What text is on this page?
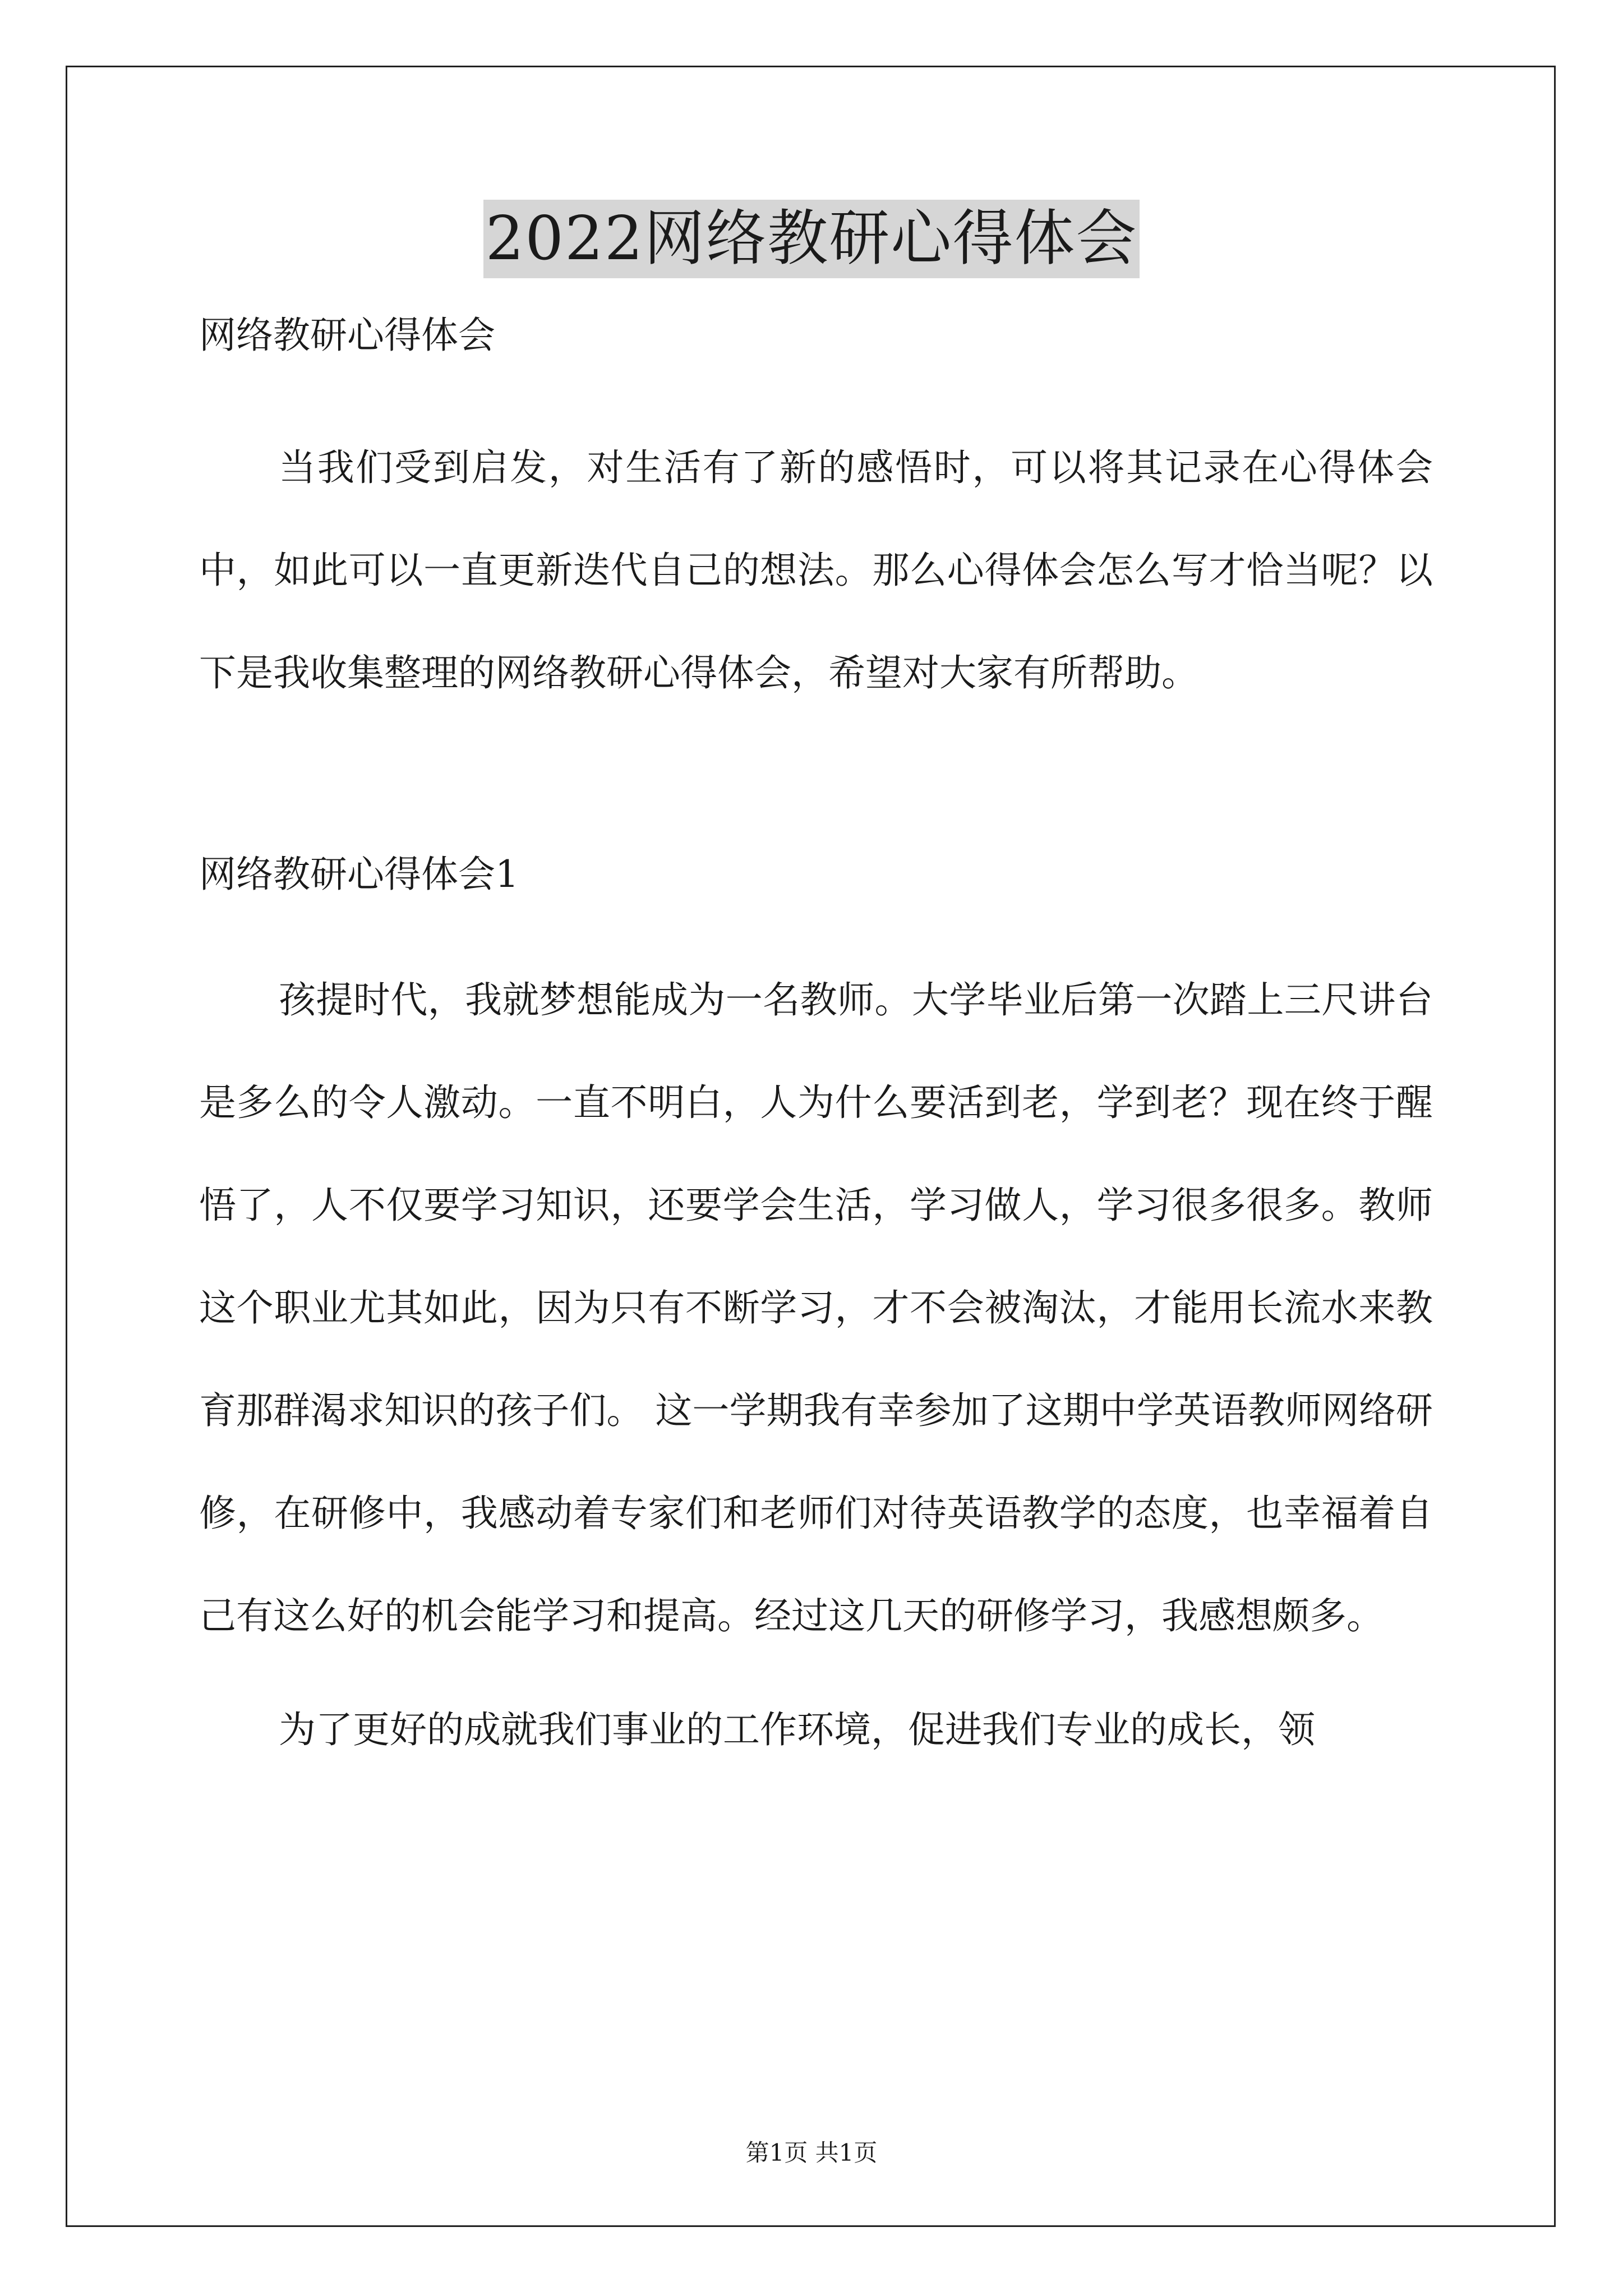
2022网络教研心得体会

网络教研心得体会

当我们受到启发，对生活有了新的感悟时，可以将其记录在心得体会中，如此可以一直更新迭代自己的想法。那么心得体会怎么写才恰当呢？以下是我收集整理的网络教研心得体会，希望对大家有所帮助。

网络教研心得体会1

孩提时代，我就梦想能成为一名教师。大学毕业后第一次踏上三尺讲台是多么的令人激动。一直不明白，人为什么要活到老，学到老？现在终于醒悟了，人不仅要学习知识，还要学会生活，学习做人，学习很多很多。教师这个职业尤其如此，因为只有不断学习，才不会被淘汰，才能用长流水来教育那群渴求知识的孩子们。 这一学期我有幸参加了这期中学英语教师网络研修，在研修中，我感动着专家们和老师们对待英语教学的态度，也幸福着自己有这么好的机会能学习和提高。经过这几天的研修学习，我感想颇多。

为了更好的成就我们事业的工作环境，促进我们专业的成长，领

第1页 共1页
